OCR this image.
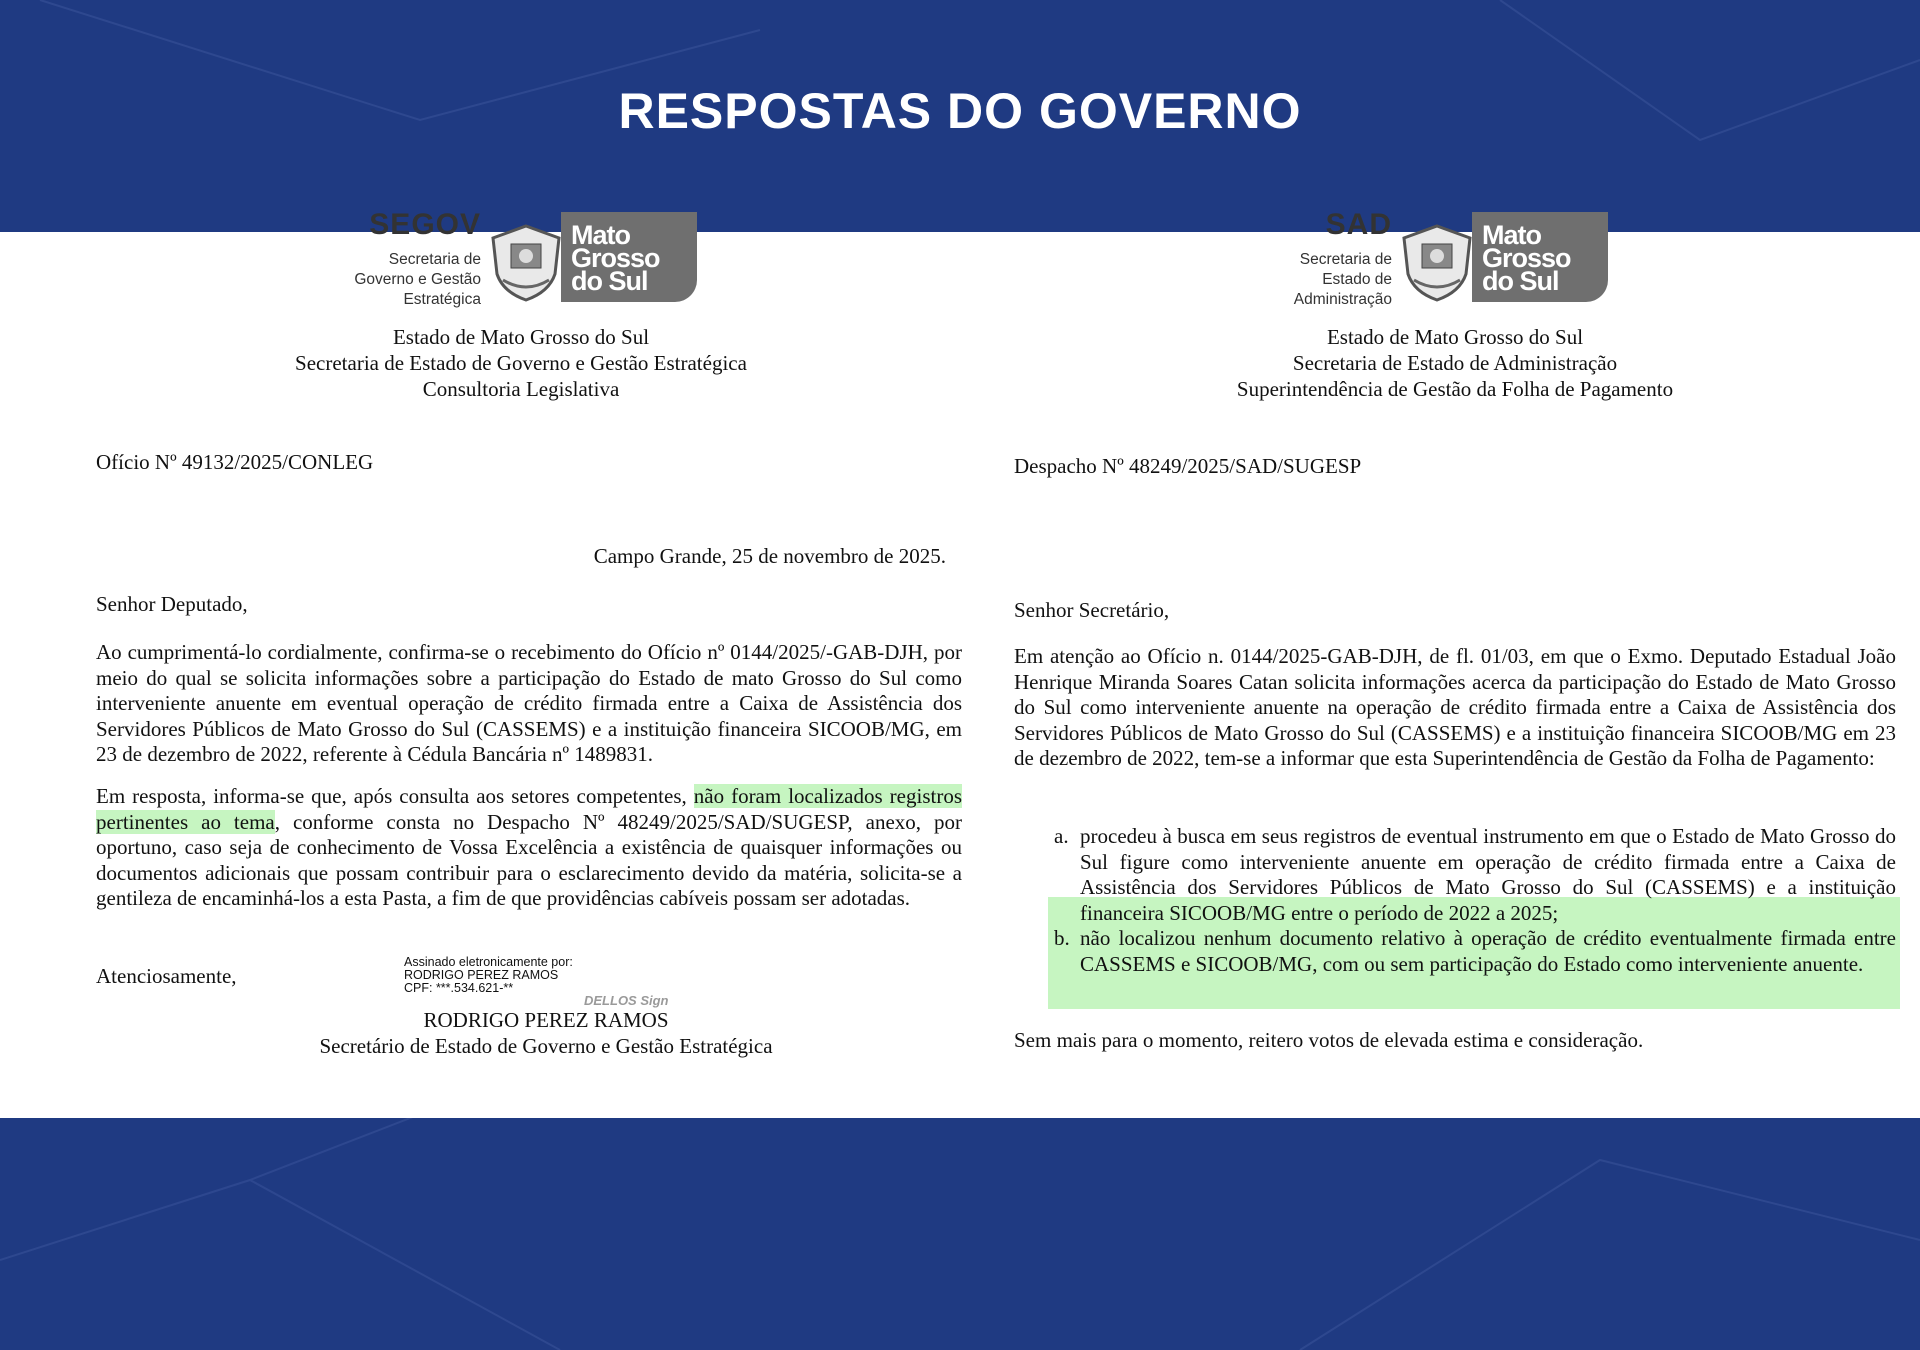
RESPOSTAS DO GOVERNO
SEGOV
Secretaria de
Governo e Gestão
Estratégica
Mato
Grosso
do Sul
Estado de Mato Grosso do Sul
Secretaria de Estado de Governo e Gestão Estratégica
Consultoria Legislativa
Ofício Nº 49132/2025/CONLEG
Campo Grande, 25 de novembro de 2025.
Senhor Deputado,
Ao cumprimentá-lo cordialmente, confirma-se o recebimento do Ofício nº 0144/2025/-GAB-DJH, por meio do qual se solicita informações sobre a participação do Estado de mato Grosso do Sul como interveniente anuente em eventual operação de crédito firmada entre a Caixa de Assistência dos Servidores Públicos de Mato Grosso do Sul (CASSEMS) e a instituição financeira SICOOB/MG, em 23 de dezembro de 2022, referente à Cédula Bancária nº 1489831.
Em resposta, informa-se que, após consulta aos setores competentes, não foram localizados registros pertinentes ao tema, conforme consta no Despacho Nº 48249/2025/SAD/SUGESP, anexo, por oportuno, caso seja de conhecimento de Vossa Excelência a existência de quaisquer informações ou documentos adicionais que possam contribuir para o esclarecimento devido da matéria, solicita-se a gentileza de encaminhá-los a esta Pasta, a fim de que providências cabíveis possam ser adotadas.
Atenciosamente,
Assinado eletronicamente por:
RODRIGO PEREZ RAMOS
CPF: ***.534.621-**
DELLOS Sign
RODRIGO PEREZ RAMOS
Secretário de Estado de Governo e Gestão Estratégica
SAD
Secretaria de
Estado de
Administração
Mato
Grosso
do Sul
Estado de Mato Grosso do Sul
Secretaria de Estado de Administração
Superintendência de Gestão da Folha de Pagamento
Despacho Nº 48249/2025/SAD/SUGESP
Senhor Secretário,
Em atenção ao Ofício n. 0144/2025-GAB-DJH, de fl. 01/03, em que o Exmo. Deputado Estadual João Henrique Miranda Soares Catan solicita informações acerca da participação do Estado de Mato Grosso do Sul como interveniente anuente na operação de crédito firmada entre a Caixa de Assistência dos Servidores Públicos de Mato Grosso do Sul (CASSEMS) e a instituição financeira SICOOB/MG em 23 de dezembro de 2022, tem-se a informar que esta Superintendência de Gestão da Folha de Pagamento:
a. procedeu à busca em seus registros de eventual instrumento em que o Estado de Mato Grosso do Sul figure como interveniente anuente em operação de crédito firmada entre a Caixa de Assistência dos Servidores Públicos de Mato Grosso do Sul (CASSEMS) e a instituição financeira SICOOB/MG entre o período de 2022 a 2025;
b. não localizou nenhum documento relativo à operação de crédito eventualmente firmada entre CASSEMS e SICOOB/MG, com ou sem participação do Estado como interveniente anuente.
Sem mais para o momento, reitero votos de elevada estima e consideração.
